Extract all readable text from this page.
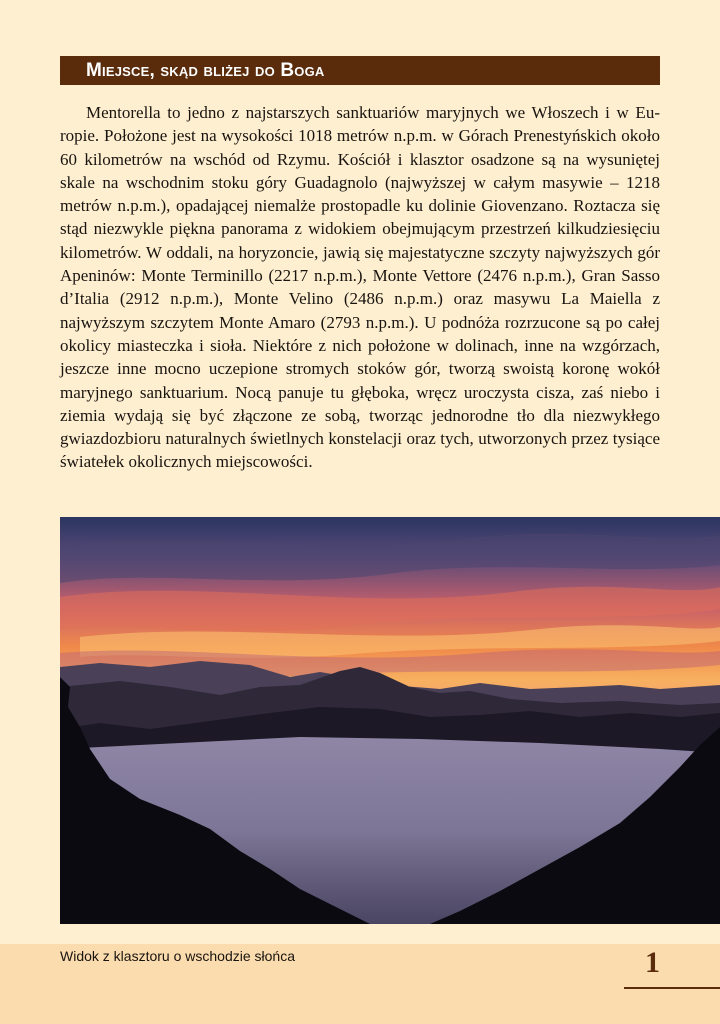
Miejsce, skąd bliżej do Boga

Mentorella to jedno z najstarszych sanktuariów maryjnych we Włoszech i w Europie. Położone jest na wysokości 1018 metrów n.p.m. w Górach Prenestyńskich około 60 kilometrów na wschód od Rzymu. Kościół i klasztor osadzone są na wysuniętej skale na wschodnim stoku góry Guadagnolo (najwyższej w całym masywie – 1218 metrów n.p.m.), opadającej niemalże prostopadle ku dolinie Giovenzano. Roztacza się stąd niezwykle piękna panorama z widokiem obejmującym przestrzeń kilkudziesięciu kilometrów. W oddali, na horyzoncie, jawią się majestatyczne szczyty najwyższych gór Apeninów: Monte Terminillo (2217 n.p.m.), Monte Vettore (2476 n.p.m.), Gran Sasso d’Italia (2912 n.p.m.), Monte Velino (2486 n.p.m.) oraz masywu La Maiella z najwyższym szczytem Monte Amaro (2793 n.p.m.). U podnóża rozrzucone są po całej okolicy miasteczka i sioła. Niektóre z nich położone w dolinach, inne na wzgórzach, jeszcze inne mocno uczepione stromych stoków gór, tworzą swoistą koronę wokół maryjnego sanktuarium. Nocą panuje tu głęboka, wręcz uroczysta cisza, zaś niebo i ziemia wydają się być złączone ze sobą, tworząc jednorodne tło dla niezwykłego gwiazdozbioru naturalnych świetlnych konstelacji oraz tych, utworzonych przez tysiące światełek okolicznych miejscowości.

Widok z klasztoru o wschodzie słońca	1
